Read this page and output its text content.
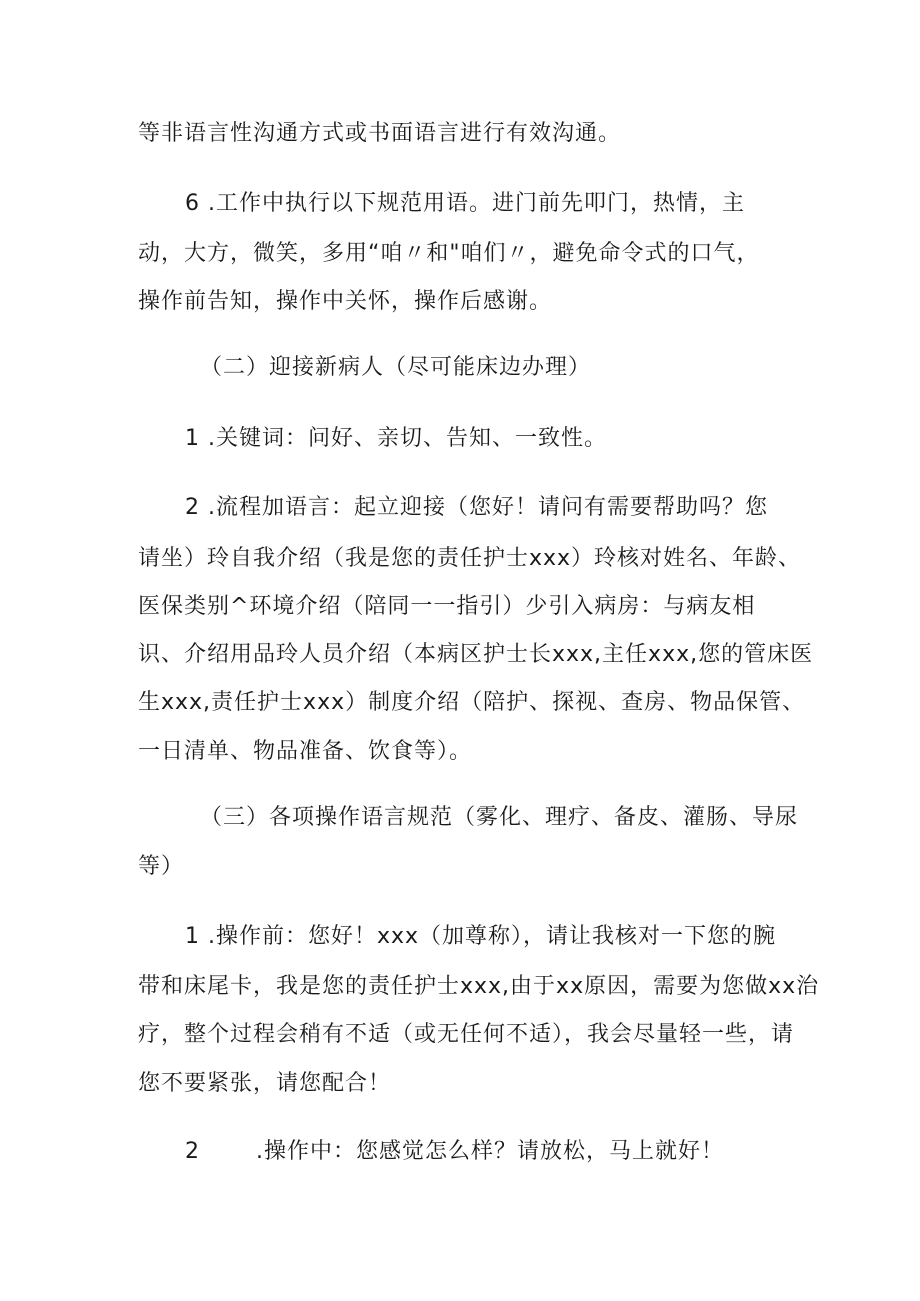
等非语言性沟通方式或书面语言进行有效沟通。
6 .工作中执行以下规范用语。进门前先叩门，热情，主
动，大方，微笑，多用“咱〃和"咱们〃，避免命令式的口气，
操作前告知，操作中关怀，操作后感谢。
（二）迎接新病人（尽可能床边办理）
1 .关键词：问好、亲切、告知、一致性。
2 .流程加语言：起立迎接（您好！请问有需要帮助吗？您
请坐）玲自我介绍（我是您的责任护士xxx）玲核对姓名、年龄、
医保类别^环境介绍（陪同一一指引）少引入病房：与病友相
识、介绍用品玲人员介绍（本病区护士长xxx,主任xxx,您的管床医
生xxx,责任护士xxx）制度介绍（陪护、探视、查房、物品保管、
一日清单、物品准备、饮食等）。
（三）各项操作语言规范（雾化、理疗、备皮、灌肠、导尿
等）
1 .操作前：您好！xxx（加尊称），请让我核对一下您的腕
带和床尾卡，我是您的责任护士xxx,由于xx原因，需要为您做xx治
疗，整个过程会稍有不适（或无任何不适），我会尽量轻一些，请
您不要紧张，请您配合！
2       .操作中：您感觉怎么样？请放松，马上就好！
